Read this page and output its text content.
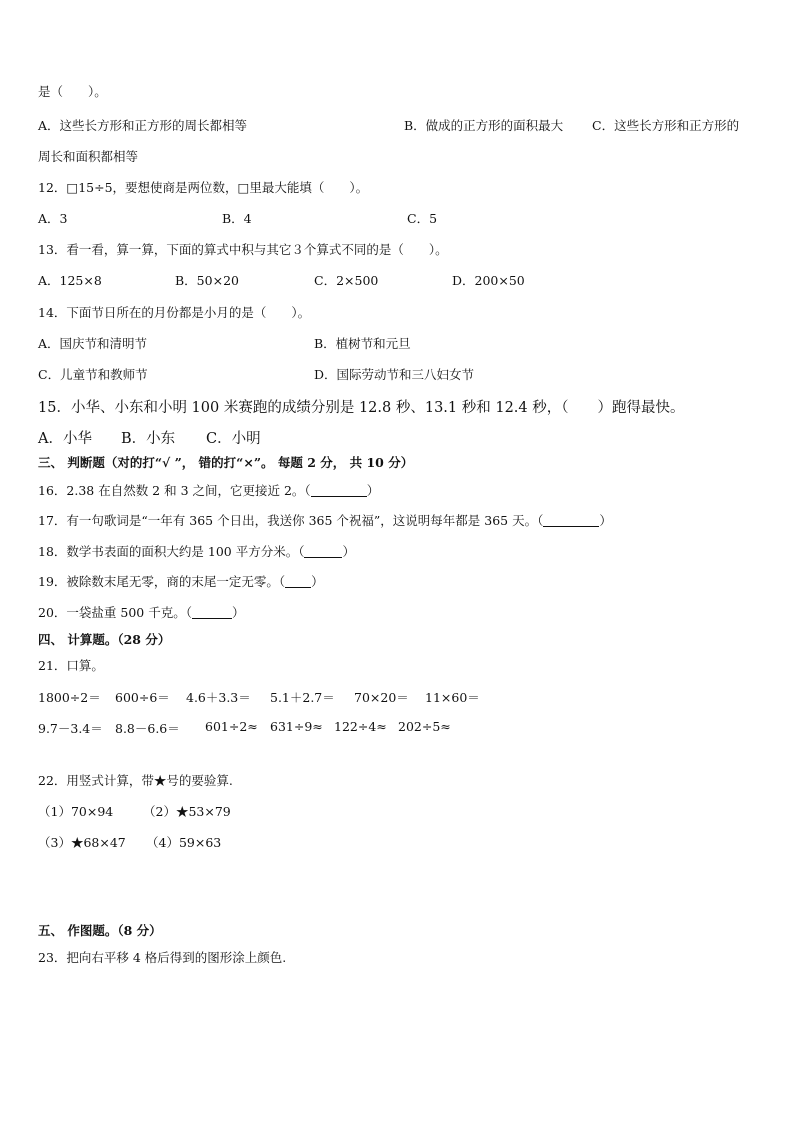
是（　　）。
A．这些长方形和正方形的周长都相等	B．做成的正方形的面积最大 C．这些长方形和正方形的
周长和面积都相等
12．□15÷5，要想使商是两位数，□里最大能填（　　）。
A．3	B．4	C．5
13．看一看，算一算，下面的算式中积与其它３个算式不同的是（　　）。
A．125×8	B．50×20	C．2×500	D．200×50
14．下面节日所在的月份都是小月的是（　　）。
A．国庆节和清明节	B．植树节和元旦
C．儿童节和教师节	D．国际劳动节和三八妇女节
15．小华、小东和小明 100 米赛跑的成绩分别是 12.8 秒、13.1 秒和 12.4 秒，（　　）跑得最快。
A．小华 B．小东 C．小明
三、 判断题（对的打“√ ”， 错的打“×”。 每题 2 分， 共 10 分）
16．2.38 在自然数 2 和 3 之间，它更接近 2。（	）
17．有一句歌词是“一年有 365 个日出，我送你 365 个祝福”，这说明每年都是 365 天。（	）
18．数学书表面的面积大约是 100 平方分米。（	）
19．被除数末尾无零，商的末尾一定无零。（ ）
20．一袋盐重 500 千克。（	）
四、 计算题。（28 分）
21．口算。
1800÷2＝ 600÷6＝ 4.6＋3.3＝ 5.1＋2.7＝ 70×20＝ 11×60＝
9.7－3.4＝ 8.8－6.6＝ 601÷2≈ 631÷9≈ 122÷4≈ 202÷5≈
22．用竖式计算，带★号的要验算.
（1）70×94 （2）★53×79
（3）★68×47 （4）59×63
五、 作图题。（8 分）
23．把向右平移 4 格后得到的图形涂上颜色.
